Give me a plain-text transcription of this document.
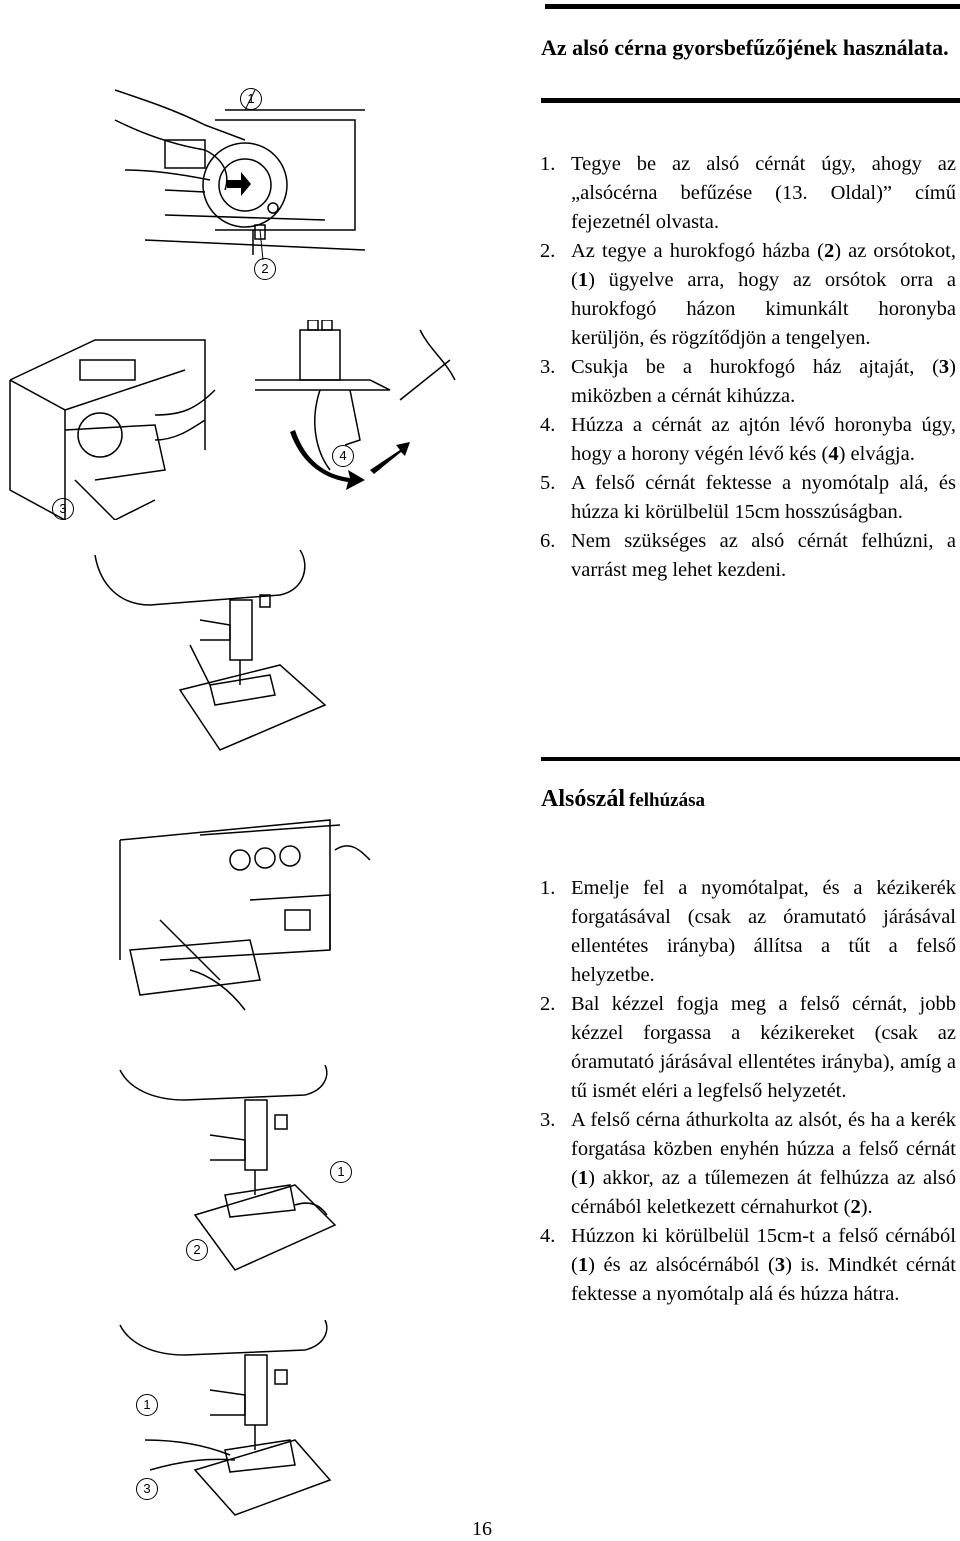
Az alsó cérna gyorsbefűzőjének használata.
1. Tegye be az alsó cérnát úgy, ahogy az „alsócérna befűzése (13. Oldal)” című fejezetnél olvasta.
2. Az tegye a hurokfogó házba (2) az orsótokot, (1) ügyelve arra, hogy az orsótok orra a hurokfogó házon kimunkált horonyba kerüljön, és rögzítődjön a tengelyen.
3. Csukja be a hurokfogó ház ajtaját, (3) miközben a cérnát kihúzza.
4. Húzza a cérnát az ajtón lévő horonyba úgy, hogy a horony végén lévő kés (4) elvágja.
5. A felső cérnát fektesse a nyomótalp alá, és húzza ki körülbelül 15cm hosszúságban.
6. Nem szükséges az alsó cérnát felhúzni, a varrást meg lehet kezdeni.
Alsószál felhúzása
1. Emelje fel a nyomótalpat, és a kézikerék forgatásával (csak az óramutató járásával ellentétes irányba) állítsa a tűt a felső helyzetbe.
2. Bal kézzel fogja meg a felső cérnát, jobb kézzel forgassa a kézikereket (csak az óramutató járásával ellentétes irányba), amíg a tű ismét eléri a legfelső helyzetét.
3. A felső cérna áthurkolta az alsót, és ha a kerék forgatása közben enyhén húzza a felső cérnát (1) akkor, az a tűlemezen át felhúzza az alsó cérnából keletkezett cérnahurkot (2).
4. Húzzon ki körülbelül 15cm-t a felső cérnából (1) és az alsócérnából (3) is. Mindkét cérnát fektesse a nyomótalp alá és húzza hátra.
1
2
3
4
1
2
1
3
16
